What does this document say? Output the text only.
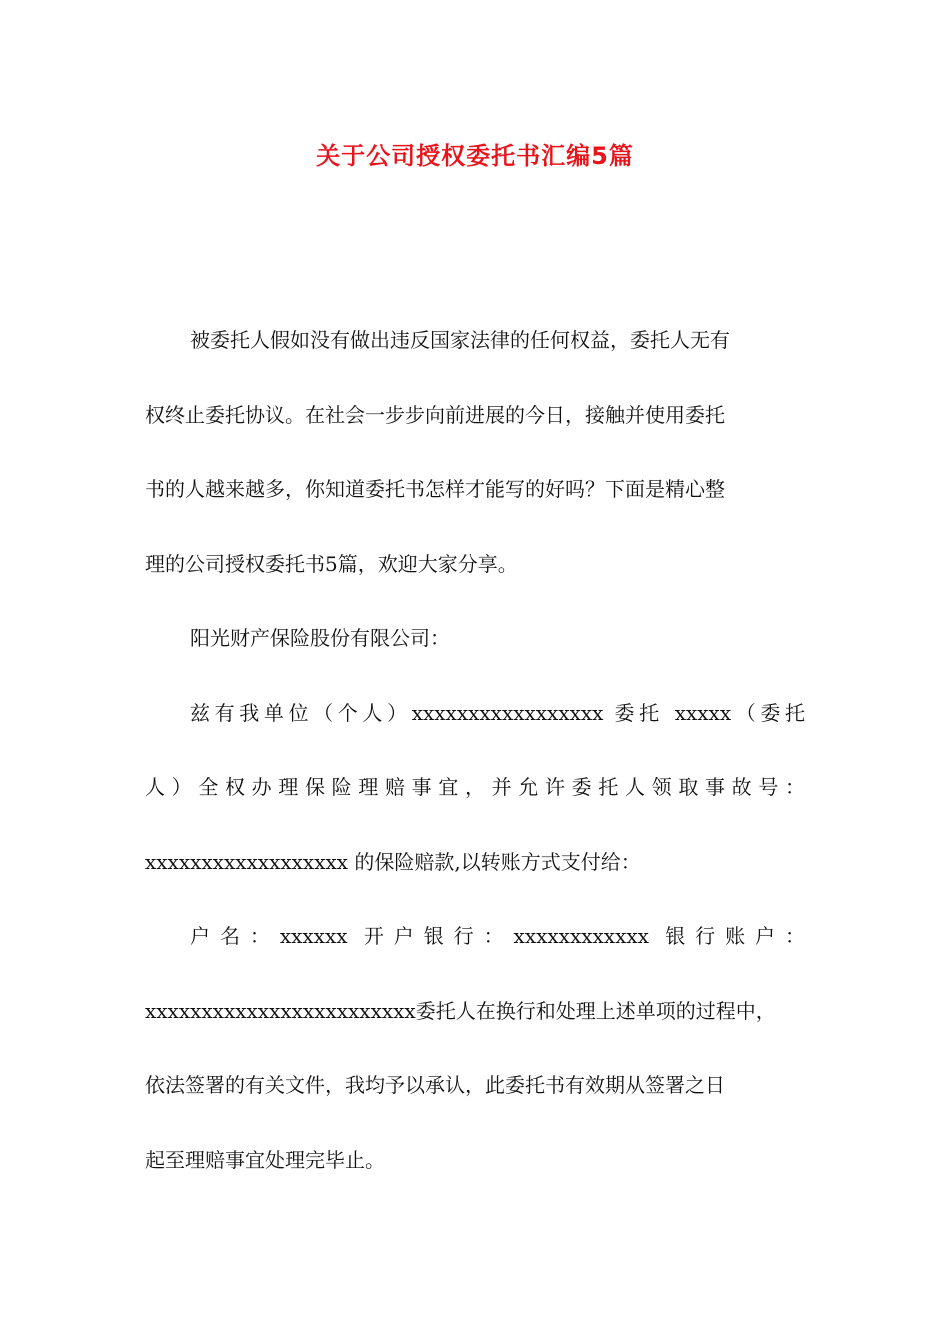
关于公司授权委托书汇编5篇
被委托人假如没有做出违反国家法律的任何权益，委托人无有
权终止委托协议。在社会一步步向前进展的今日，接触并使用委托
书的人越来越多，你知道委托书怎样才能写的好吗？下面是精心整
理的公司授权委托书5篇，欢迎大家分享。
阳光财产保险股份有限公司：
兹有我单位（个人）xxxxxxxxxxxxxxxxx 委托 xxxxx（委托
人）全权办理保险理赔事宜，并允许委托人领取事故号：
xxxxxxxxxxxxxxxxxx 的保险赔款,以转账方式支付给：
户名：xxxxxx 开户银行：xxxxxxxxxxxx 银行账户：
xxxxxxxxxxxxxxxxxxxxxxxx委托人在换行和处理上述单项的过程中，
依法签署的有关文件，我均予以承认，此委托书有效期从签署之日
起至理赔事宜处理完毕止。
